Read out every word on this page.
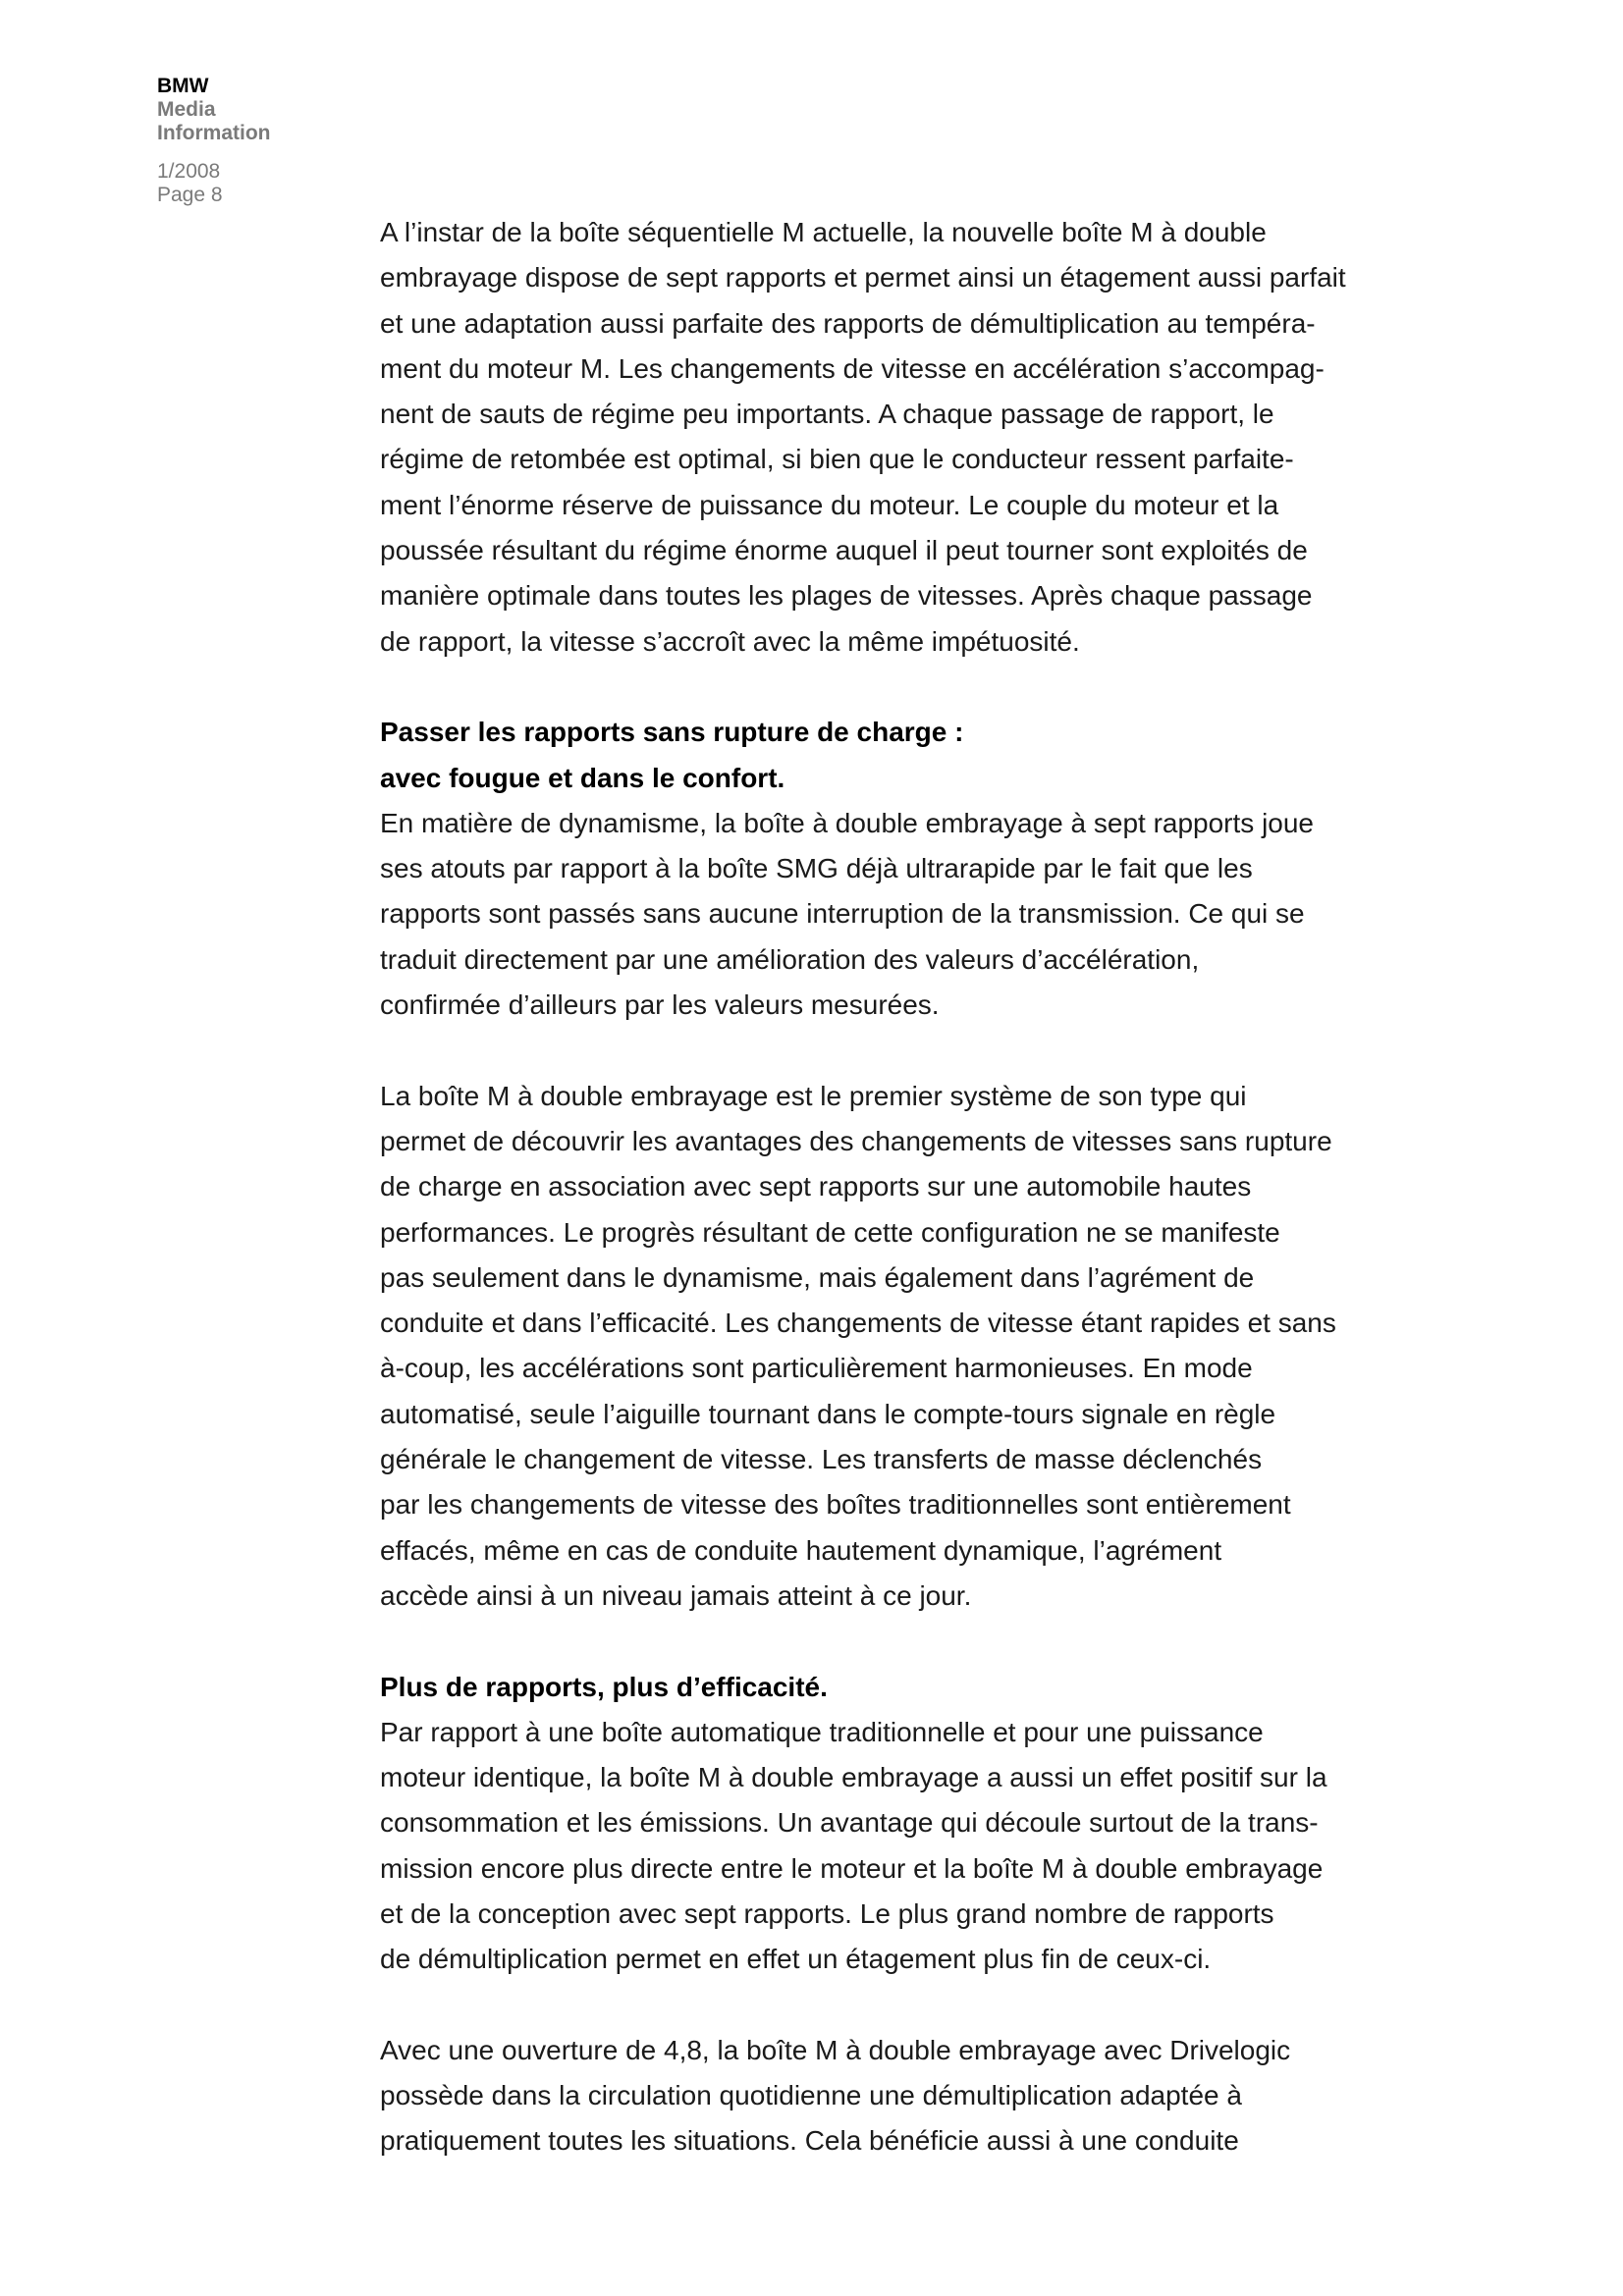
BMW
Media
Information
1/2008
Page 8
A l’instar de la boîte séquentielle M actuelle, la nouvelle boîte M à double
embrayage dispose de sept rapports et permet ainsi un étagement aussi parfait
et une adaptation aussi parfaite des rapports de démultiplication au tempéra-
ment du moteur M. Les changements de vitesse en accélération s’accompag-
nent de sauts de régime peu importants. A chaque passage de rapport, le
régime de retombée est optimal, si bien que le conducteur ressent parfaite-
ment l’énorme réserve de puissance du moteur. Le couple du moteur et la
poussée résultant du régime énorme auquel il peut tourner sont exploités de
manière optimale dans toutes les plages de vitesses. Après chaque passage
de rapport, la vitesse s’accroît avec la même impétuosité.
Passer les rapports sans rupture de charge :
avec fougue et dans le confort.
En matière de dynamisme, la boîte à double embrayage à sept rapports joue
ses atouts par rapport à la boîte SMG déjà ultrarapide par le fait que les
rapports sont passés sans aucune interruption de la transmission. Ce qui se
traduit directement par une amélioration des valeurs d’accélération,
confirmée d’ailleurs par les valeurs mesurées.
La boîte M à double embrayage est le premier système de son type qui
permet de découvrir les avantages des changements de vitesses sans rupture
de charge en association avec sept rapports sur une automobile hautes
performances. Le progrès résultant de cette configuration ne se manifeste
pas seulement dans le dynamisme, mais également dans l’agrément de
conduite et dans l’efficacité. Les changements de vitesse étant rapides et sans
à-coup, les accélérations sont particulièrement harmonieuses. En mode
automatisé, seule l’aiguille tournant dans le compte-tours signale en règle
générale le changement de vitesse. Les transferts de masse déclenchés
par les changements de vitesse des boîtes traditionnelles sont entièrement
effacés, même en cas de conduite hautement dynamique, l’agrément
accède ainsi à un niveau jamais atteint à ce jour.
Plus de rapports, plus d’efficacité.
Par rapport à une boîte automatique traditionnelle et pour une puissance
moteur identique, la boîte M à double embrayage a aussi un effet positif sur la
consommation et les émissions. Un avantage qui découle surtout de la trans-
mission encore plus directe entre le moteur et la boîte M à double embrayage
et de la conception avec sept rapports. Le plus grand nombre de rapports
de démultiplication permet en effet un étagement plus fin de ceux-ci.
Avec une ouverture de 4,8, la boîte M à double embrayage avec Drivelogic
possède dans la circulation quotidienne une démultiplication adaptée à
pratiquement toutes les situations. Cela bénéficie aussi à une conduite
